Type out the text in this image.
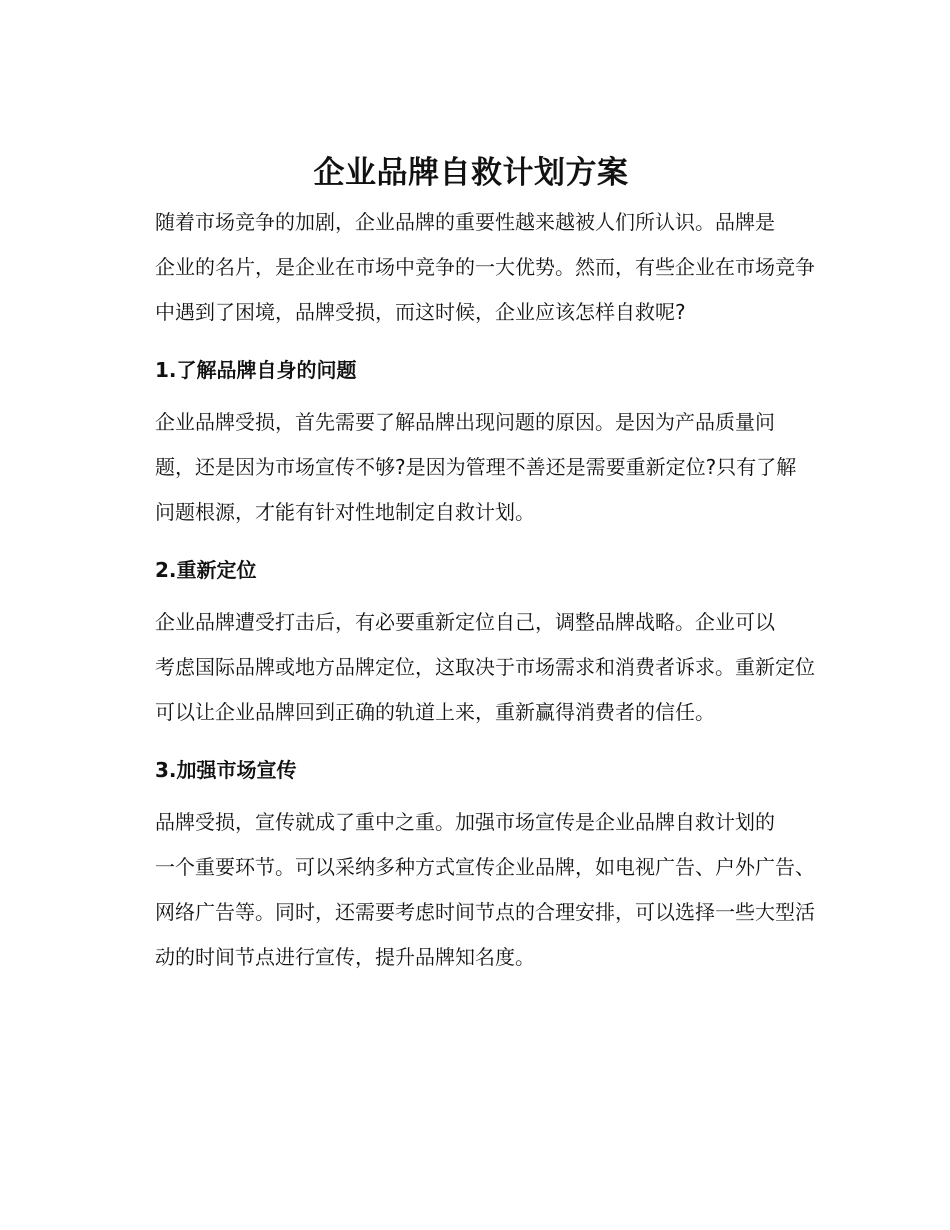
企业品牌自救计划方案
随着市场竞争的加剧，企业品牌的重要性越来越被人们所认识。品牌是
企业的名片，是企业在市场中竞争的一大优势。然而，有些企业在市场竞争
中遇到了困境，品牌受损，而这时候，企业应该怎样自救呢?
1.了解品牌自身的问题
企业品牌受损，首先需要了解品牌出现问题的原因。是因为产品质量问
题，还是因为市场宣传不够?是因为管理不善还是需要重新定位?只有了解
问题根源，才能有针对性地制定自救计划。
2.重新定位
企业品牌遭受打击后，有必要重新定位自己，调整品牌战略。企业可以
考虑国际品牌或地方品牌定位，这取决于市场需求和消费者诉求。重新定位
可以让企业品牌回到正确的轨道上来，重新赢得消费者的信任。
3.加强市场宣传
品牌受损，宣传就成了重中之重。加强市场宣传是企业品牌自救计划的
一个重要环节。可以采纳多种方式宣传企业品牌，如电视广告、户外广告、
网络广告等。同时，还需要考虑时间节点的合理安排，可以选择一些大型活
动的时间节点进行宣传，提升品牌知名度。
